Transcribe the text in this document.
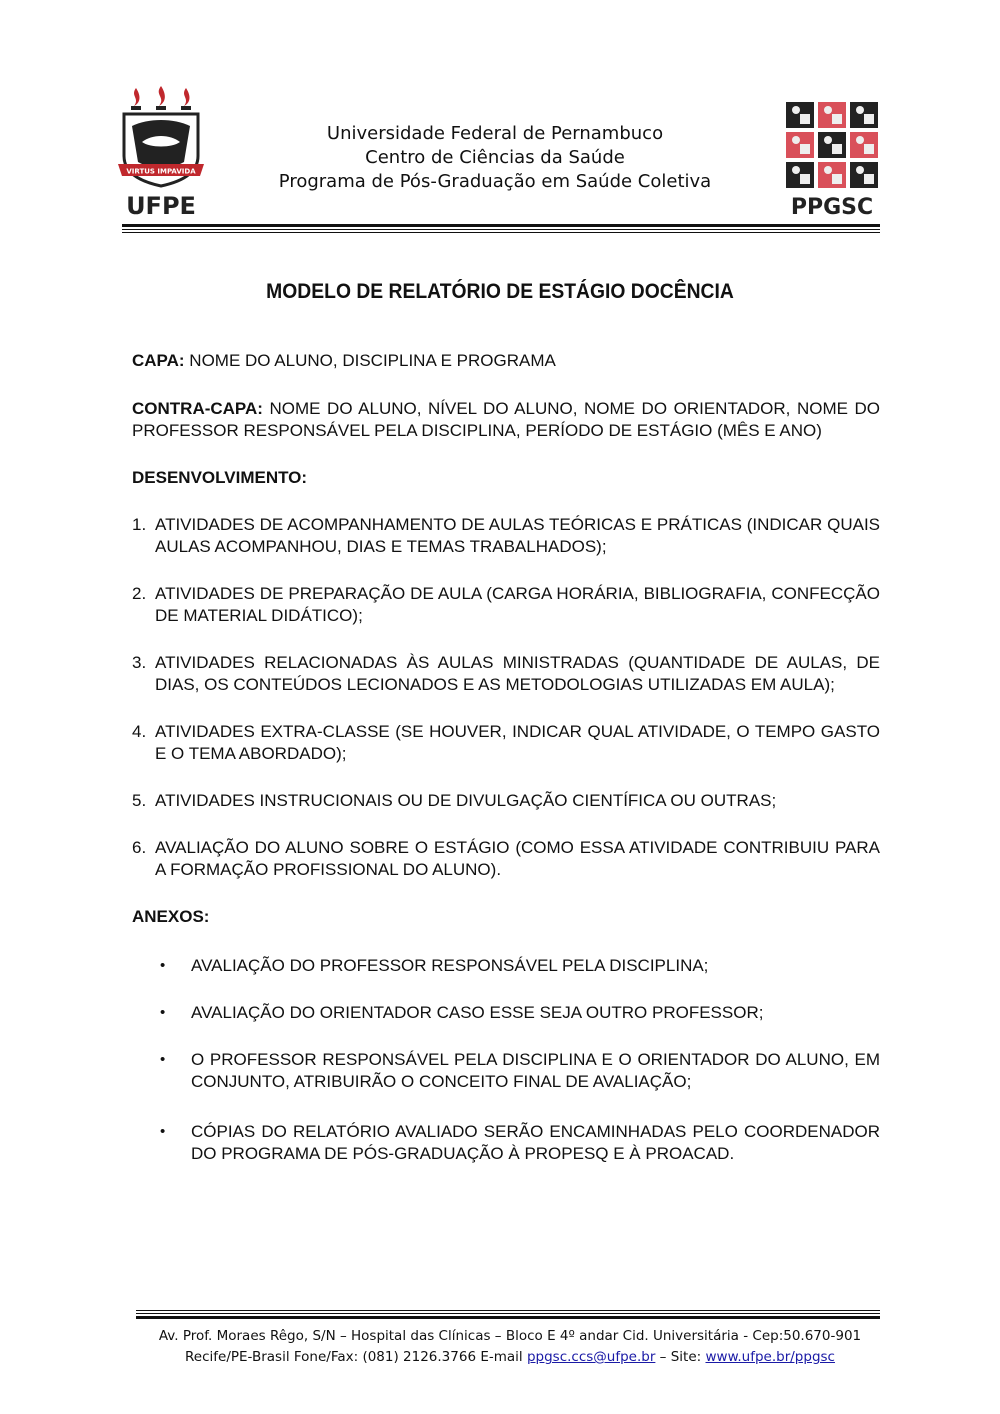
VIRTUS IMPAVIDA
UFPE
Universidade Federal de Pernambuco
Centro de Ciências da Saúde
Programa de Pós-Graduação em Saúde Coletiva
PPGSC
MODELO DE RELATÓRIO DE ESTÁGIO DOCÊNCIA
CAPA: NOME DO ALUNO, DISCIPLINA E PROGRAMA
CONTRA-CAPA: NOME DO ALUNO, NÍVEL DO ALUNO, NOME DO ORIENTADOR, NOME DO PROFESSOR RESPONSÁVEL PELA DISCIPLINA, PERÍODO DE ESTÁGIO (MÊS E ANO)
DESENVOLVIMENTO:
1. ATIVIDADES DE ACOMPANHAMENTO DE AULAS TEÓRICAS E PRÁTICAS (INDICAR QUAIS AULAS ACOMPANHOU, DIAS E TEMAS TRABALHADOS);
2. ATIVIDADES DE PREPARAÇÃO DE AULA (CARGA HORÁRIA, BIBLIOGRAFIA, CONFECÇÃO DE MATERIAL DIDÁTICO);
3. ATIVIDADES RELACIONADAS ÀS AULAS MINISTRADAS (QUANTIDADE DE AULAS, DE DIAS, OS CONTEÚDOS LECIONADOS E AS METODOLOGIAS UTILIZADAS EM AULA);
4. ATIVIDADES EXTRA-CLASSE (SE HOUVER, INDICAR QUAL ATIVIDADE, O TEMPO GASTO E O TEMA ABORDADO);
5. ATIVIDADES INSTRUCIONAIS OU DE DIVULGAÇÃO CIENTÍFICA OU OUTRAS;
6. AVALIAÇÃO DO ALUNO SOBRE O ESTÁGIO (COMO ESSA ATIVIDADE CONTRIBUIU PARA A FORMAÇÃO PROFISSIONAL DO ALUNO).
ANEXOS:
• AVALIAÇÃO DO PROFESSOR RESPONSÁVEL PELA DISCIPLINA;
• AVALIAÇÃO DO ORIENTADOR CASO ESSE SEJA OUTRO PROFESSOR;
• O PROFESSOR RESPONSÁVEL PELA DISCIPLINA E O ORIENTADOR DO ALUNO, EM CONJUNTO, ATRIBUIRÃO O CONCEITO FINAL DE AVALIAÇÃO;
• CÓPIAS DO RELATÓRIO AVALIADO SERÃO ENCAMINHADAS PELO COORDENADOR DO PROGRAMA DE PÓS-GRADUAÇÃO À PROPESQ E À PROACAD.
Av. Prof. Moraes Rêgo, S/N – Hospital das Clínicas – Bloco E 4º andar Cid. Universitária - Cep:50.670-901
Recife/PE-Brasil Fone/Fax: (081) 2126.3766 E-mail ppgsc.ccs@ufpe.br – Site: www.ufpe.br/ppgsc
